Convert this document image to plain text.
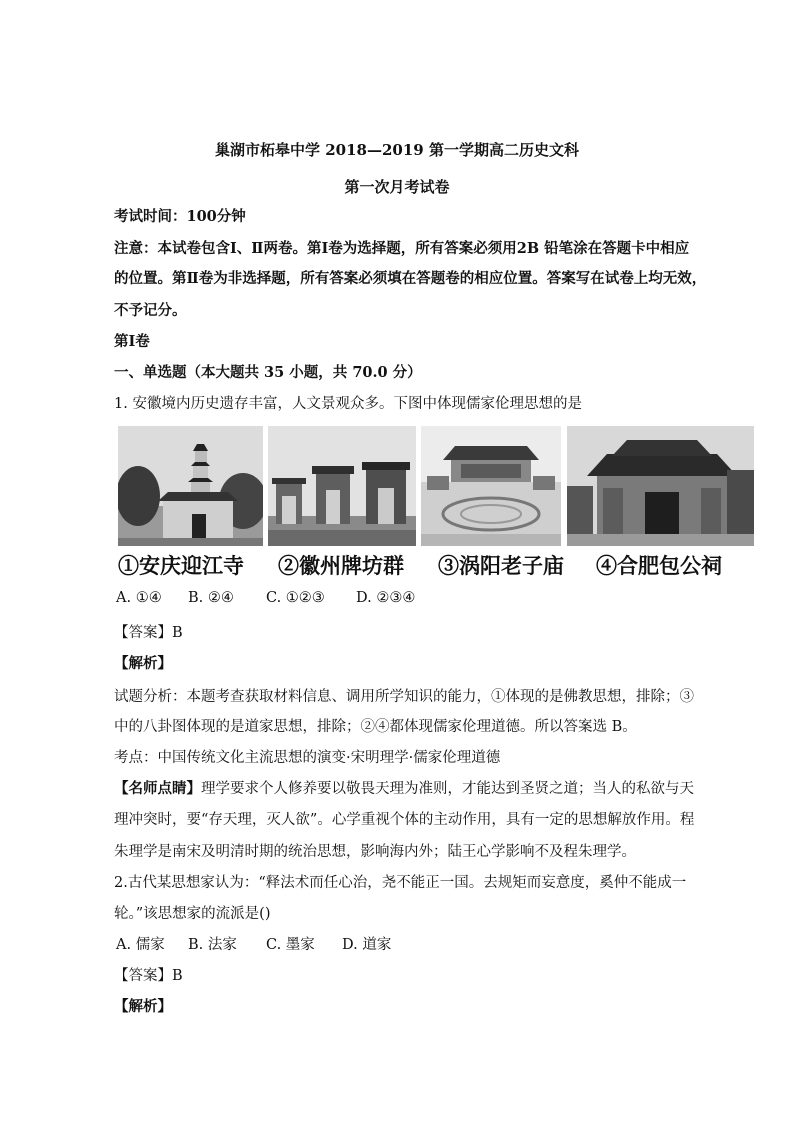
巢湖市柘皋中学 2018—2019 第一学期高二历史文科
第一次月考试卷
考试时间：100分钟
注意：本试卷包含Ⅰ、Ⅱ两卷。第Ⅰ卷为选择题，所有答案必须用2B 铅笔涂在答题卡中相应
的位置。第Ⅱ卷为非选择题，所有答案必须填在答题卷的相应位置。答案写在试卷上均无效，
不予记分。
第Ⅰ卷
一、单选题（本大题共 35 小题，共 70.0 分）
1. 安徽境内历史遗存丰富，人文景观众多。下图中体现儒家伦理思想的是
①安庆迎江寺 ②徽州牌坊群 ③涡阳老子庙 ④合肥包公祠
A. ①④	B. ②④	C. ①②③	D. ②③④
【答案】B
【解析】
试题分析：本题考查获取材料信息、调用所学知识的能力，①体现的是佛教思想，排除；③
中的八卦图体现的是道家思想，排除；②④都体现儒家伦理道德。所以答案选 B。
考点：中国传统文化主流思想的演变·宋明理学·儒家伦理道德
【名师点睛】理学要求个人修养要以敬畏天理为准则，才能达到圣贤之道；当人的私欲与天
理冲突时，要“存天理，灭人欲”。心学重视个体的主动作用，具有一定的思想解放作用。程
朱理学是南宋及明清时期的统治思想，影响海内外；陆王心学影响不及程朱理学。
2.古代某思想家认为：“释法术而任心治，尧不能正一国。去规矩而妄意度，奚仲不能成一
轮。”该思想家的流派是()
A. 儒家	B. 法家	C. 墨家	D. 道家
【答案】B
【解析】
